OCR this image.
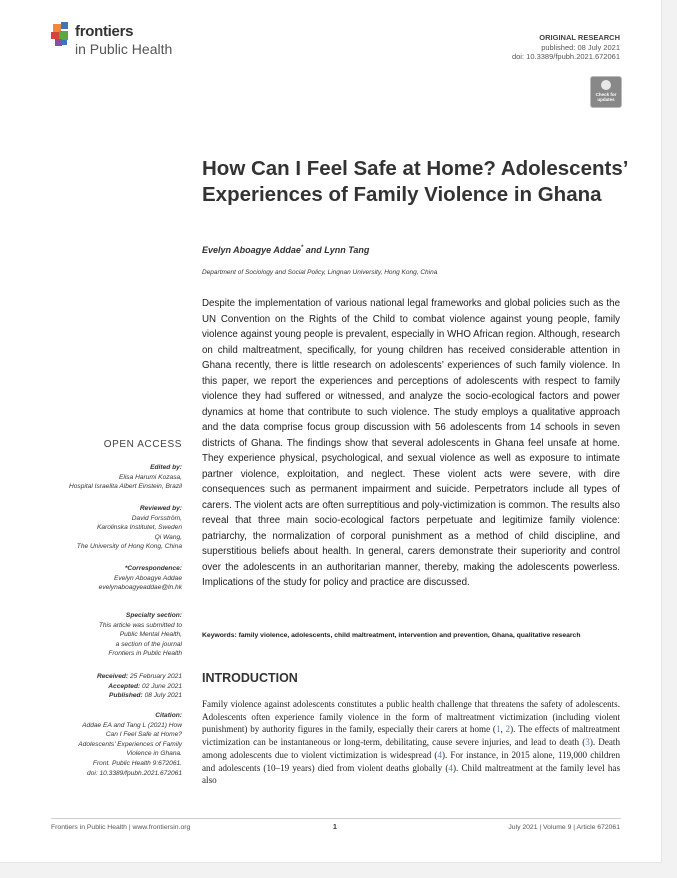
frontiers
in Public Health
ORIGINAL RESEARCH
published: 08 July 2021
doi: 10.3389/fpubh.2021.672061
Check for updates
How Can I Feel Safe at Home? Adolescents’ Experiences of Family Violence in Ghana
Evelyn Aboagye Addae* and Lynn Tang
Department of Sociology and Social Policy, Lingnan University, Hong Kong, China

Despite the implementation of various national legal frameworks and global policies such as the UN Convention on the Rights of the Child to combat violence against young people, family violence against young people is prevalent, especially in WHO African region. Although, research on child maltreatment, specifically, for young children has received considerable attention in Ghana recently, there is little research on adolescents’ experiences of such family violence. In this paper, we report the experiences and perceptions of adolescents with respect to family violence they had suffered or witnessed, and analyze the socio-ecological factors and power dynamics at home that contribute to such violence. The study employs a qualitative approach and the data comprise focus group discussion with 56 adolescents from 14 schools in seven districts of Ghana. The findings show that several adolescents in Ghana feel unsafe at home. They experience physical, psychological, and sexual violence as well as exposure to intimate partner violence, exploitation, and neglect. These violent acts were severe, with dire consequences such as permanent impairment and suicide. Perpetrators include all types of carers. The violent acts are often surreptitious and poly-victimization is common. The results also reveal that three main socio-ecological factors perpetuate and legitimize family violence: patriarchy, the normalization of corporal punishment as a method of child discipline, and superstitious beliefs about health. In general, carers demonstrate their superiority and control over the adolescents in an authoritarian manner, thereby, making the adolescents powerless. Implications of the study for policy and practice are discussed.

Keywords: family violence, adolescents, child maltreatment, intervention and prevention, Ghana, qualitative research
INTRODUCTION

Family violence against adolescents constitutes a public health challenge that threatens the safety of adolescents. Adolescents often experience family violence in the form of maltreatment victimization (including violent punishment) by authority figures in the family, especially their carers at home (1, 2). The effects of maltreatment victimization can be instantaneous or long-term, debilitating, cause severe injuries, and lead to death (3). Death among adolescents due to violent victimization is widespread (4). For instance, in 2015 alone, 119,000 children and adolescents (10–19 years) died from violent deaths globally (4). Child maltreatment at the family level has also

OPEN ACCESS
Edited by:
Elisa Harumi Kozasa,
Hospital Israelita Albert Einstein, Brazil
Reviewed by:
David Forsström,
Karolinska Institutet, Sweden
Qi Wang,
The University of Hong Kong, China
*Correspondence:
Evelyn Aboagye Addae
evelynaboagyeaddae@ln.hk
Specialty section:
This article was submitted to
Public Mental Health,
a section of the journal
Frontiers in Public Health
Received: 25 February 2021
Accepted: 02 June 2021
Published: 08 July 2021
Citation:
Addae EA and Tang L (2021) How
Can I Feel Safe at Home?
Adolescents’ Experiences of Family
Violence in Ghana.
Front. Public Health 9:672061.
doi: 10.3389/fpubh.2021.672061
Frontiers in Public Health | www.frontiersin.org	1	July 2021 | Volume 9 | Article 672061
